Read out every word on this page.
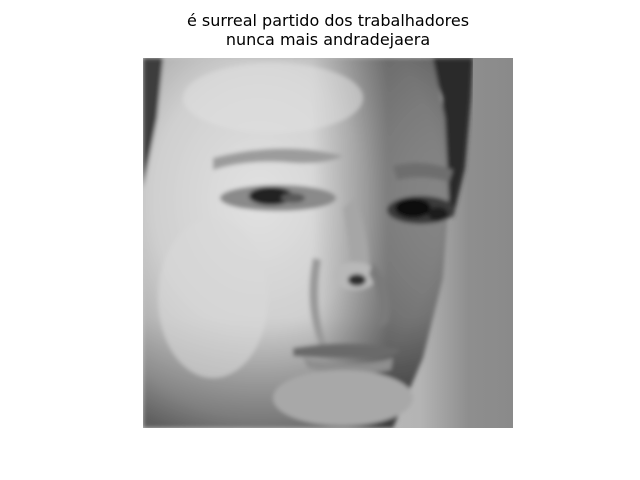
é surreal partido dos trabalhadores
nunca mais andradejaera
